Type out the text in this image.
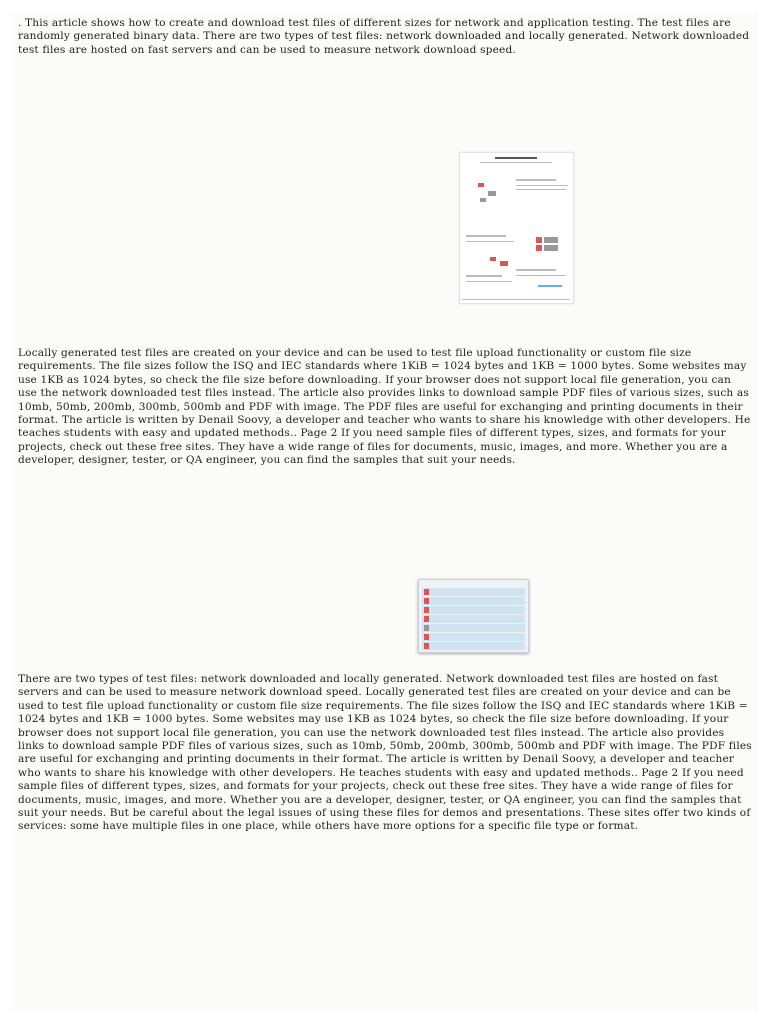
. This article shows how to create and download test files of different sizes for network and application testing. The test files are randomly generated binary data. There are two types of test files: network downloaded and locally generated. Network downloaded test files are hosted on fast servers and can be used to measure network download speed.

Locally generated test files are created on your device and can be used to test file upload functionality or custom file size requirements. The file sizes follow the ISQ and IEC standards where 1KiB = 1024 bytes and 1KB = 1000 bytes. Some websites may use 1KB as 1024 bytes, so check the file size before downloading. If your browser does not support local file generation, you can use the network downloaded test files instead. The article also provides links to download sample PDF files of various sizes, such as 10mb, 50mb, 200mb, 300mb, 500mb and PDF with image. The PDF files are useful for exchanging and printing documents in their format. The article is written by Denail Soovy, a developer and teacher who wants to share his knowledge with other developers. He teaches students with easy and updated methods.. Page 2 If you need sample files of different types, sizes, and formats for your projects, check out these free sites. They have a wide range of files for documents, music, images, and more. Whether you are a developer, designer, tester, or QA engineer, you can find the samples that suit your needs.

There are two types of test files: network downloaded and locally generated. Network downloaded test files are hosted on fast servers and can be used to measure network download speed. Locally generated test files are created on your device and can be used to test file upload functionality or custom file size requirements. The file sizes follow the ISQ and IEC standards where 1KiB = 1024 bytes and 1KB = 1000 bytes. Some websites may use 1KB as 1024 bytes, so check the file size before downloading. If your browser does not support local file generation, you can use the network downloaded test files instead. The article also provides links to download sample PDF files of various sizes, such as 10mb, 50mb, 200mb, 300mb, 500mb and PDF with image. The PDF files are useful for exchanging and printing documents in their format. The article is written by Denail Soovy, a developer and teacher who wants to share his knowledge with other developers. He teaches students with easy and updated methods.. Page 2 If you need sample files of different types, sizes, and formats for your projects, check out these free sites. They have a wide range of files for documents, music, images, and more. Whether you are a developer, designer, tester, or QA engineer, you can find the samples that suit your needs. But be careful about the legal issues of using these files for demos and presentations. These sites offer two kinds of services: some have multiple files in one place, while others have more options for a specific file type or format.
